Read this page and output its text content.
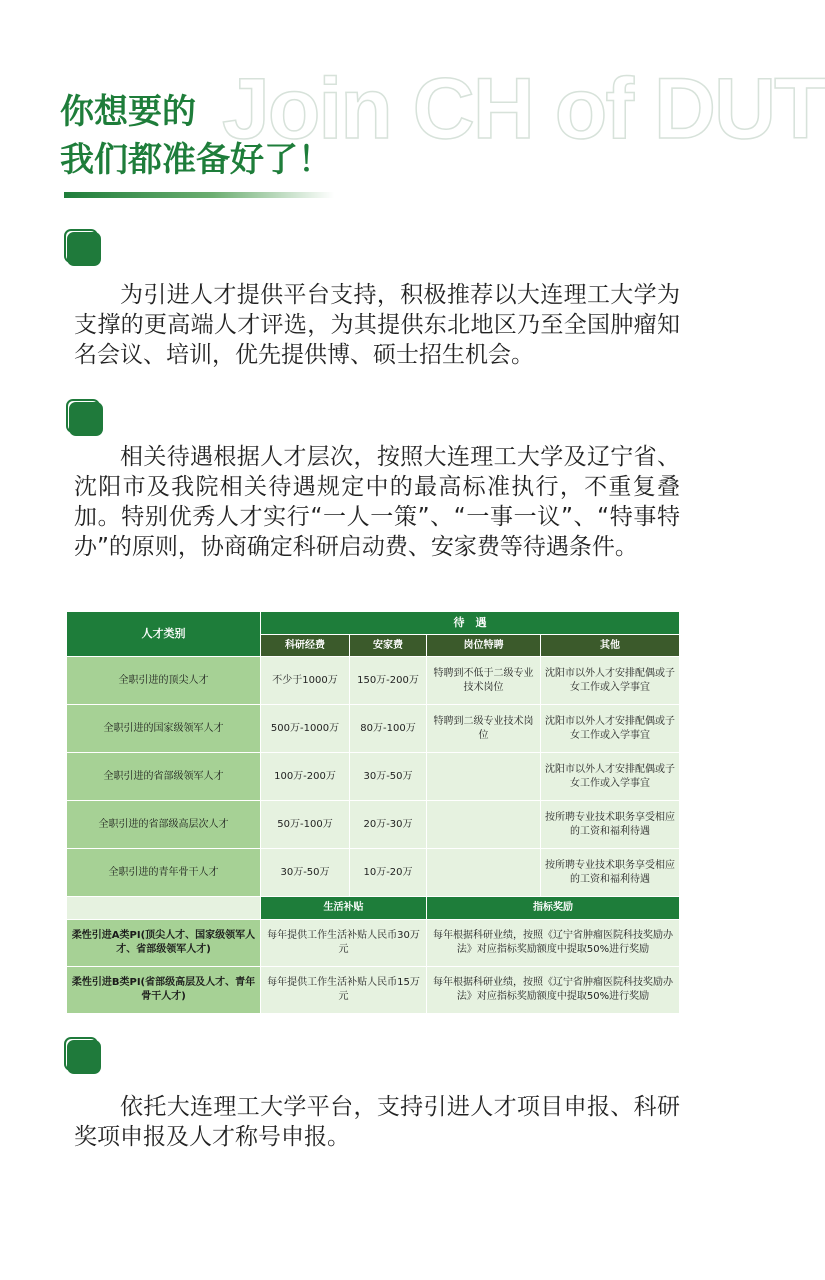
Join CH of DUT
你想要的
我们都准备好了！

为引进人才提供平台支持，积极推荐以大连理工大学为支撑的更高端人才评选，为其提供东北地区乃至全国肿瘤知名会议、培训，优先提供博、硕士招生机会。

相关待遇根据人才层次，按照大连理工大学及辽宁省、沈阳市及我院相关待遇规定中的最高标准执行，不重复叠加。特别优秀人才实行“一人一策”、“一事一议”、“特事特办”的原则，协商确定科研启动费、安家费等待遇条件。

人才类别	待　遇			
	科研经费	安家费	岗位特聘	其他
全职引进的顶尖人才	不少于1000万	150万-200万	特聘到不低于二级专业技术岗位	沈阳市以外人才安排配偶或子女工作或入学事宜
全职引进的国家级领军人才	500万-1000万	80万-100万	特聘到二级专业技术岗位	沈阳市以外人才安排配偶或子女工作或入学事宜
全职引进的省部级领军人才	100万-200万	30万-50万		沈阳市以外人才安排配偶或子女工作或入学事宜
全职引进的省部级高层次人才	50万-100万	20万-30万		按所聘专业技术职务享受相应的工资和福利待遇
全职引进的青年骨干人才	30万-50万	10万-20万		按所聘专业技术职务享受相应的工资和福利待遇
	生活补贴		指标奖励	
柔性引进A类PI(顶尖人才、国家级领军人才、省部级领军人才)	每年提供工作生活补贴人民币30万元		每年根据科研业绩，按照《辽宁省肿瘤医院科技奖励办法》对应指标奖励额度中提取50%进行奖励	
柔性引进B类PI(省部级高层及人才、青年骨干人才)	每年提供工作生活补贴人民币15万元		每年根据科研业绩，按照《辽宁省肿瘤医院科技奖励办法》对应指标奖励额度中提取50%进行奖励	

依托大连理工大学平台，支持引进人才项目申报、科研奖项申报及人才称号申报。
